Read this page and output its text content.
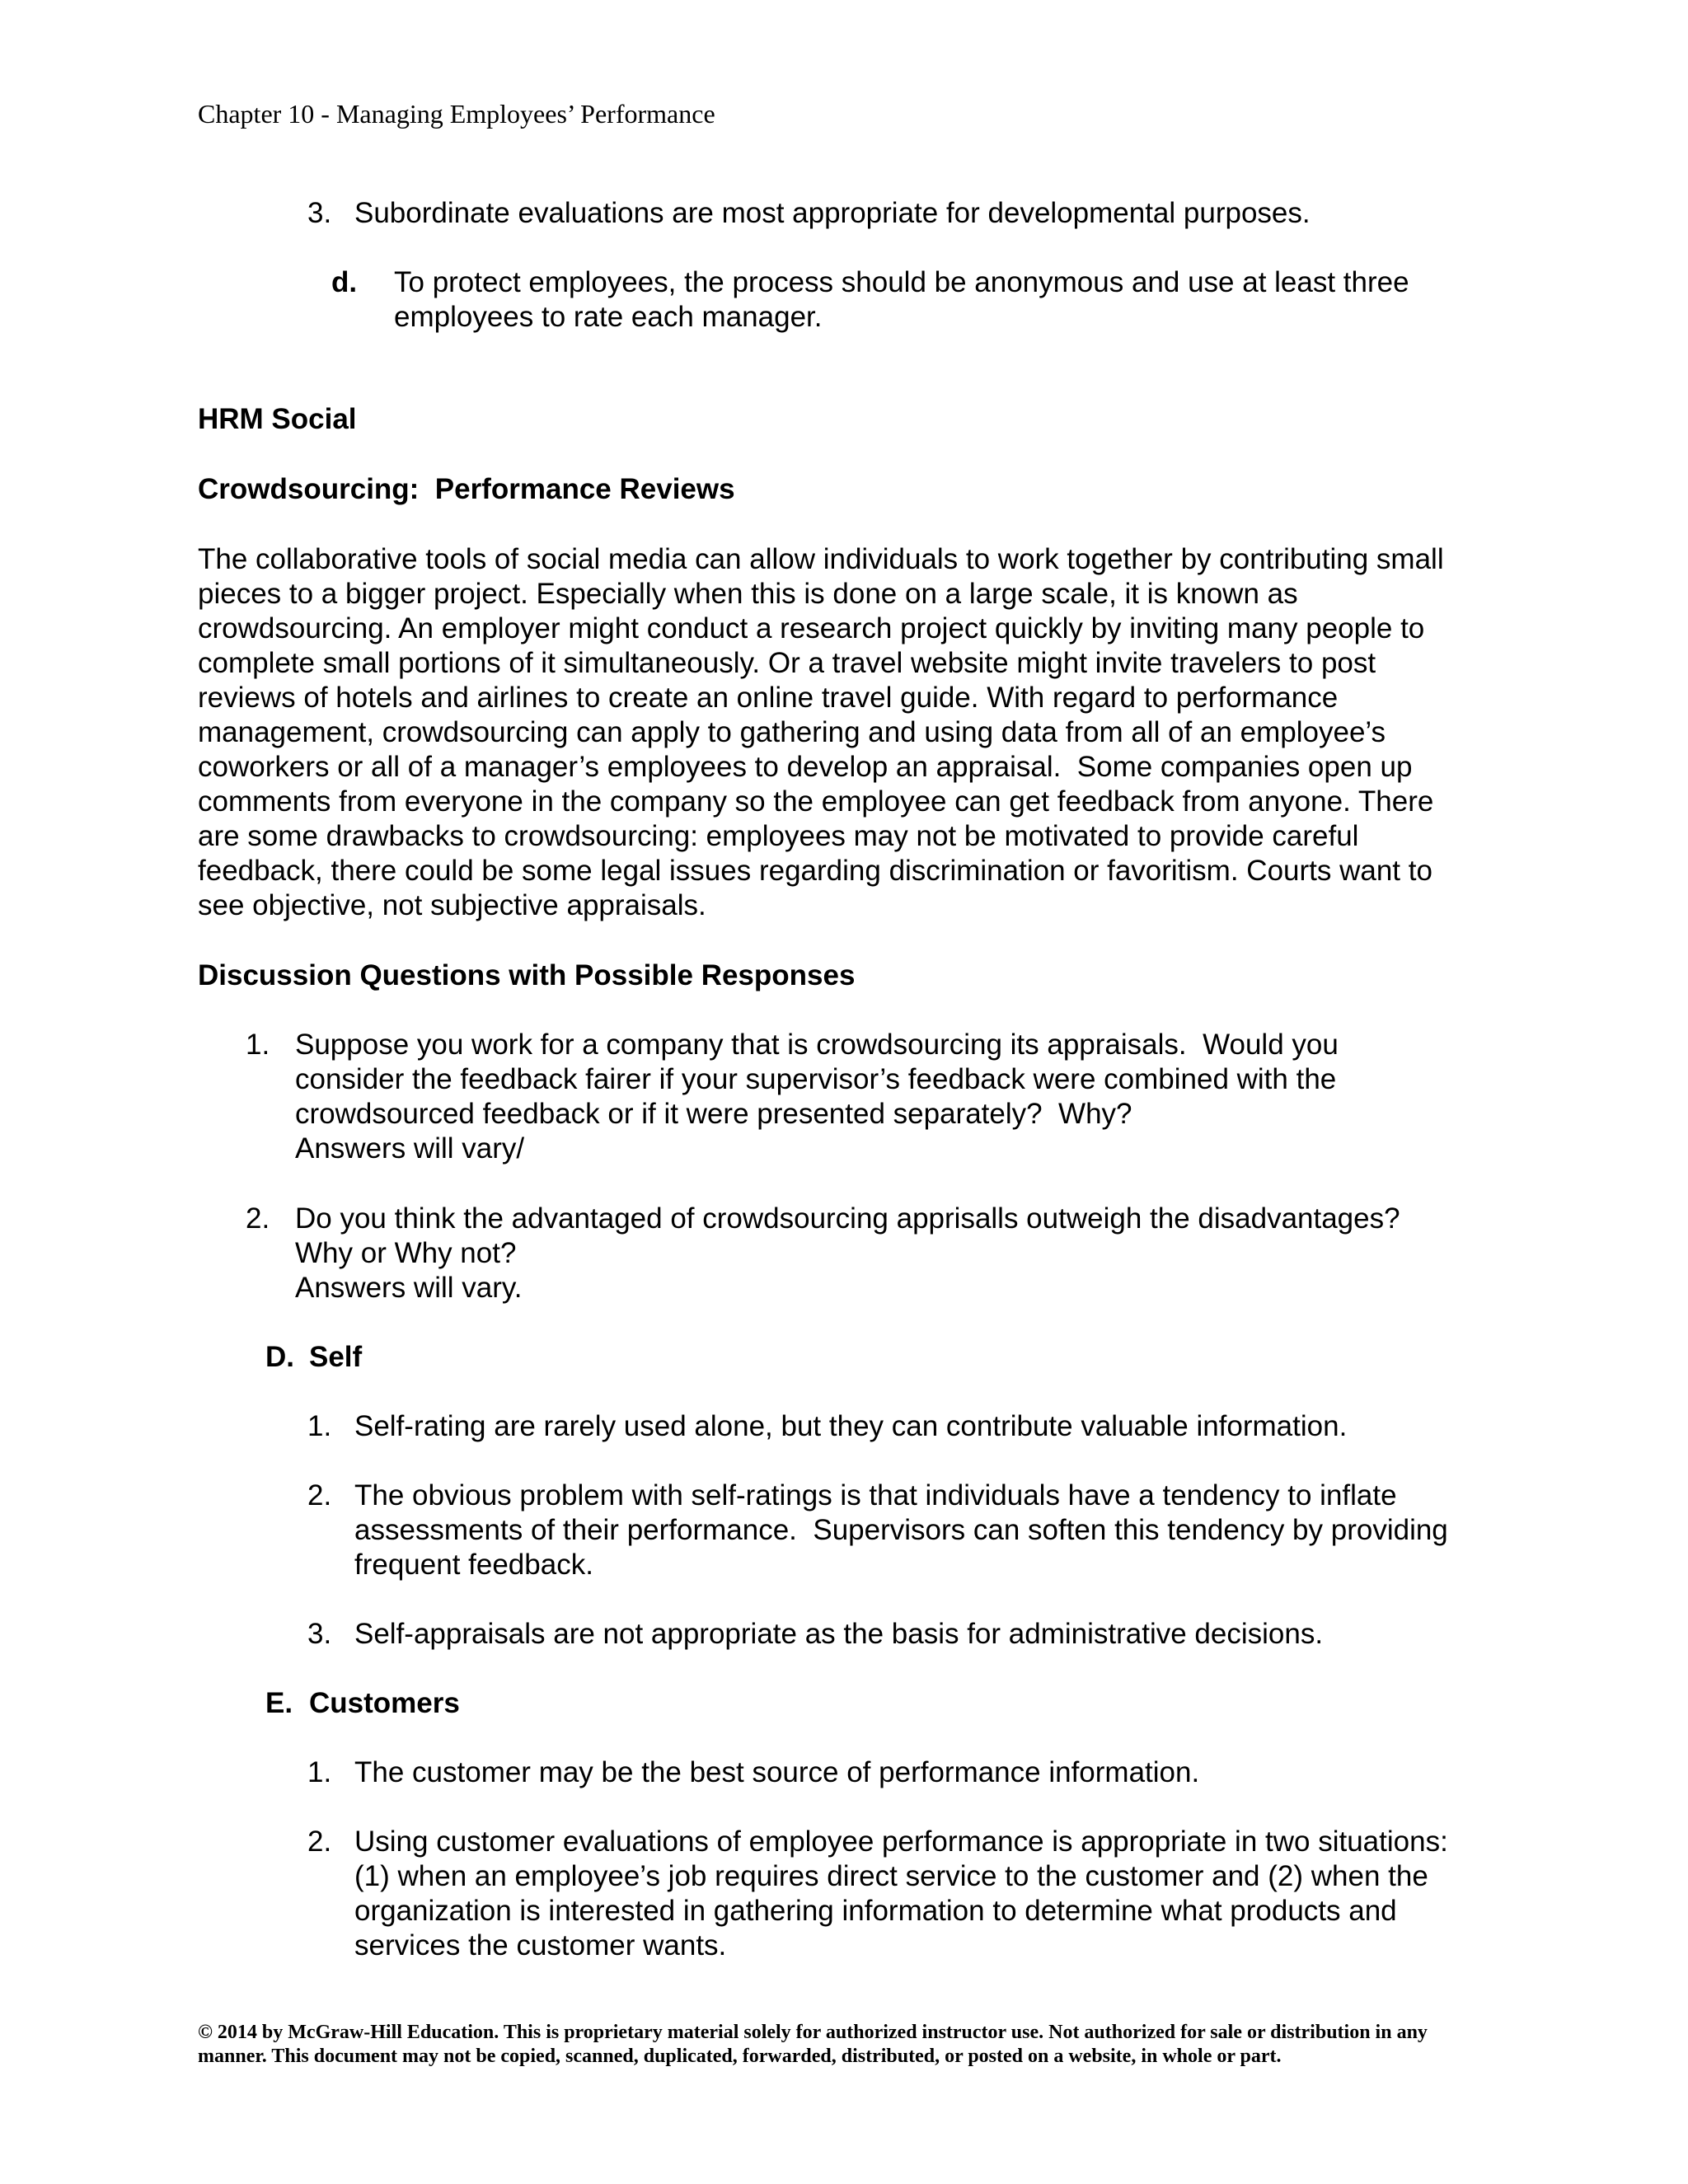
Chapter 10 - Managing Employees’ Performance
3. Subordinate evaluations are most appropriate for developmental purposes.

d. To protect employees, the process should be anonymous and use at least three employees to rate each manager.

HRM Social

Crowdsourcing:  Performance Reviews

The collaborative tools of social media can allow individuals to work together by contributing small pieces to a bigger project. Especially when this is done on a large scale, it is known as crowdsourcing. An employer might conduct a research project quickly by inviting many people to complete small portions of it simultaneously. Or a travel website might invite travelers to post reviews of hotels and airlines to create an online travel guide. With regard to performance management, crowdsourcing can apply to gathering and using data from all of an employee’s coworkers or all of a manager’s employees to develop an appraisal.  Some companies open up comments from everyone in the company so the employee can get feedback from anyone. There are some drawbacks to crowdsourcing: employees may not be motivated to provide careful feedback, there could be some legal issues regarding discrimination or favoritism. Courts want to see objective, not subjective appraisals.

Discussion Questions with Possible Responses

1. Suppose you work for a company that is crowdsourcing its appraisals.  Would you consider the feedback fairer if your supervisor’s feedback were combined with the crowdsourced feedback or if it were presented separately?  Why?

Answers will vary/

2. Do you think the advantaged of crowdsourcing apprisalls outweigh the disadvantages? Why or Why not?

Answers will vary.

D. Self

1. Self-rating are rarely used alone, but they can contribute valuable information.

2. The obvious problem with self-ratings is that individuals have a tendency to inflate assessments of their performance.  Supervisors can soften this tendency by providing frequent feedback.

3. Self-appraisals are not appropriate as the basis for administrative decisions.

E. Customers

1. The customer may be the best source of performance information.

2. Using customer evaluations of employee performance is appropriate in two situations:  (1) when an employee’s job requires direct service to the customer and (2) when the organization is interested in gathering information to determine what products and services the customer wants.

© 2014 by McGraw-Hill Education. This is proprietary material solely for authorized instructor use. Not authorized for sale or distribution in any manner. This document may not be copied, scanned, duplicated, forwarded, distributed, or posted on a website, in whole or part.
